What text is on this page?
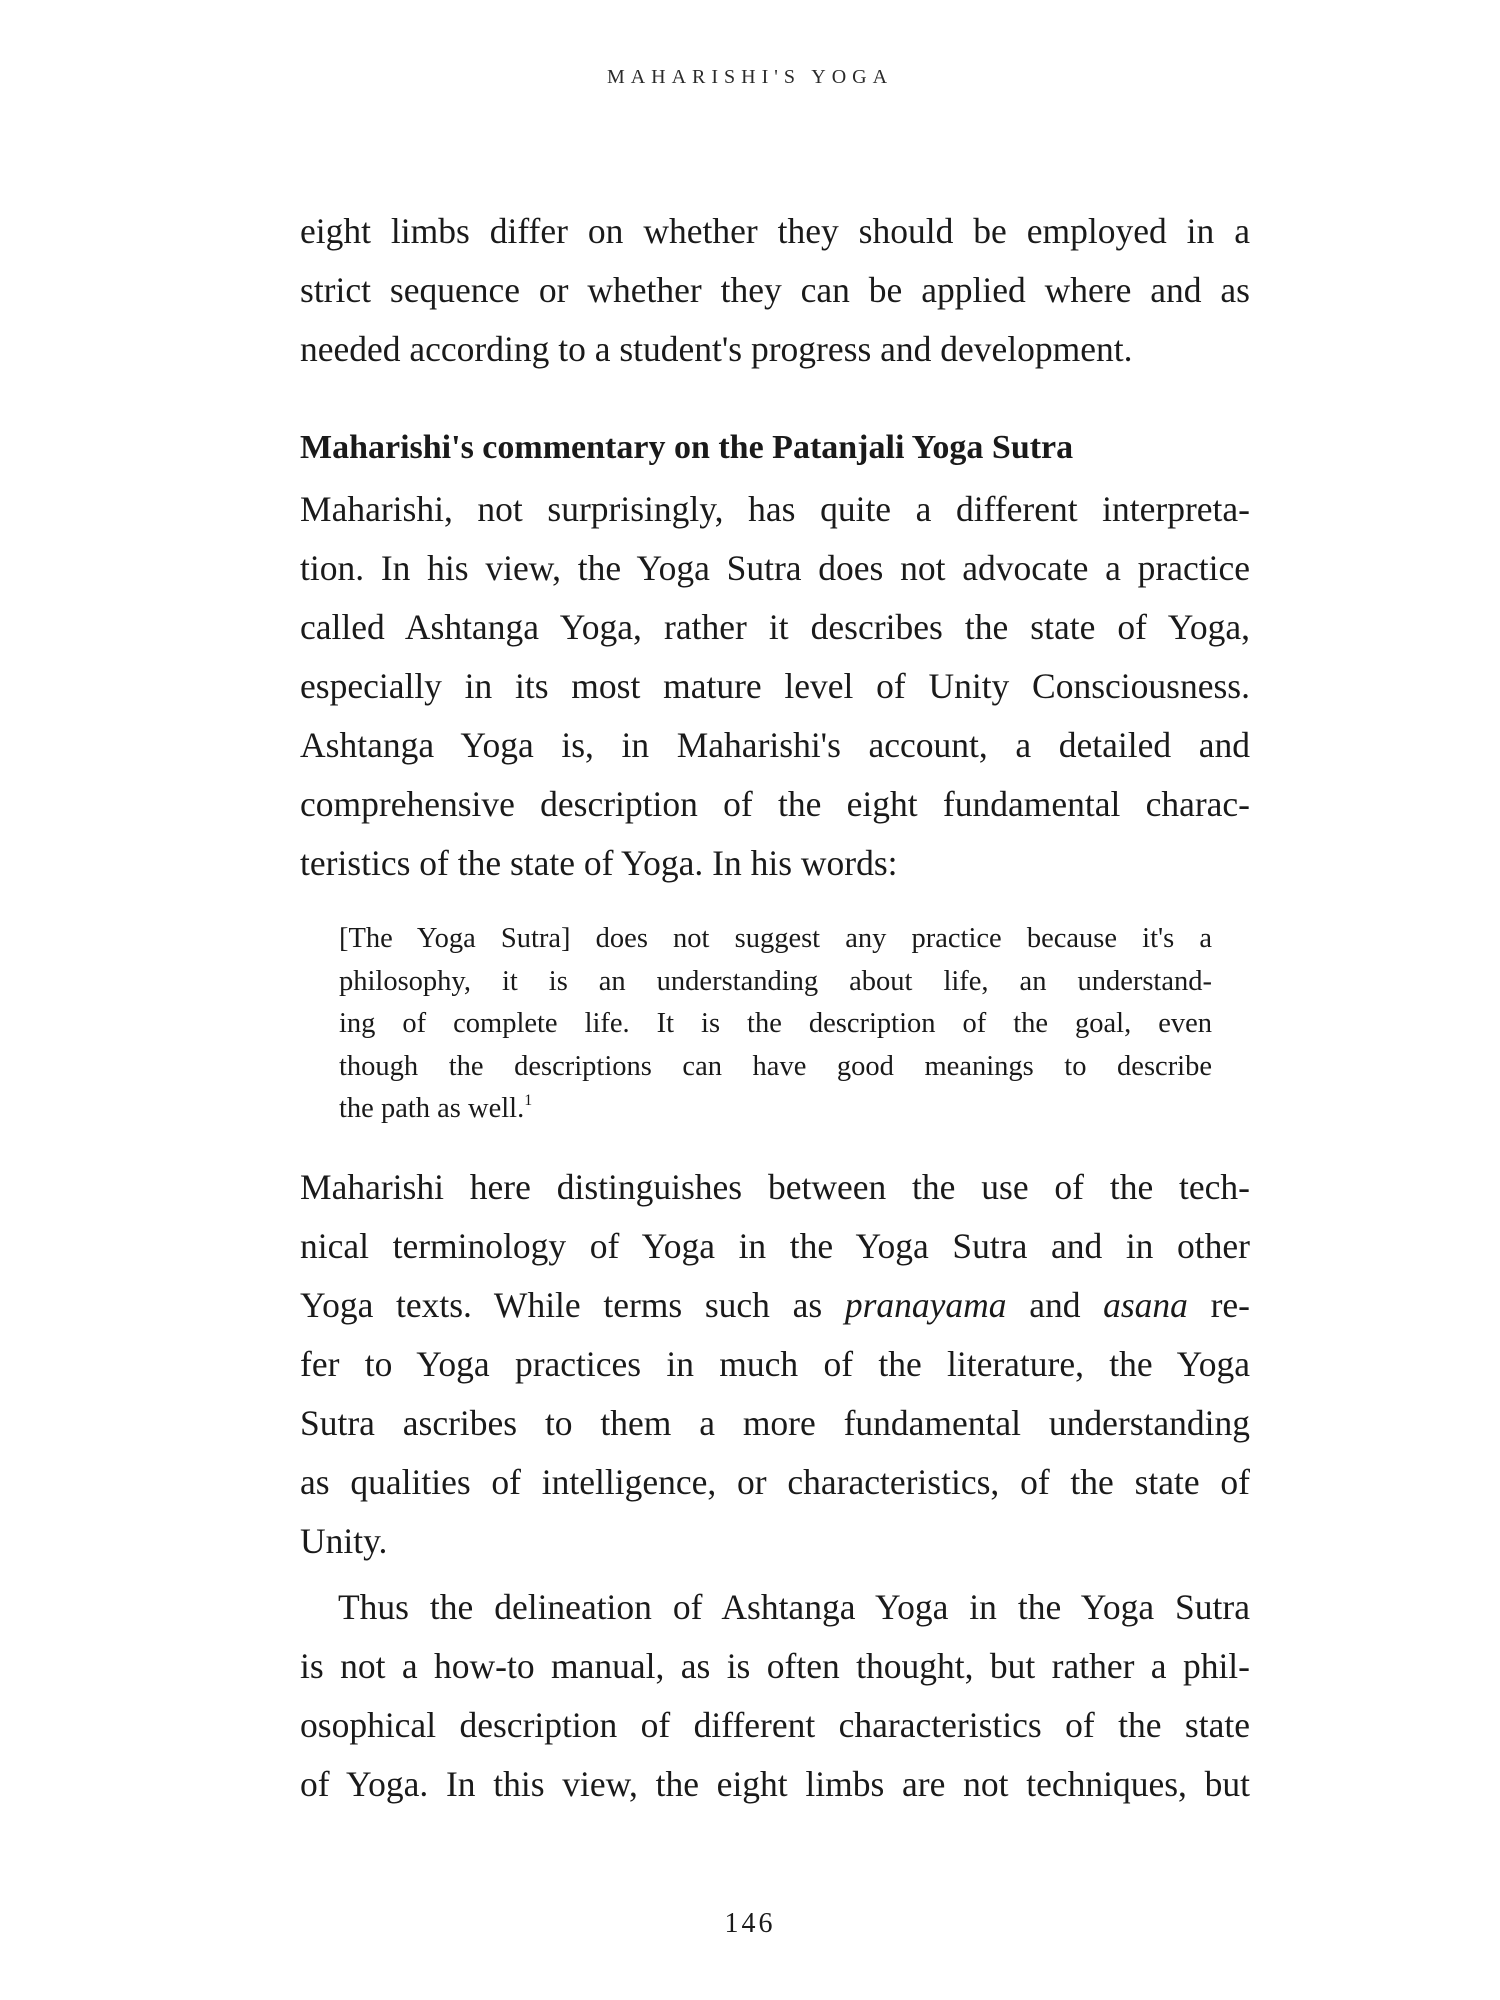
MAHARISHI'S YOGA

eight limbs differ on whether they should be employed in a
strict sequence or whether they can be applied where and as
needed according to a student's progress and development.

Maharishi's commentary on the Patanjali Yoga Sutra

Maharishi, not surprisingly, has quite a different interpreta-
tion. In his view, the Yoga Sutra does not advocate a practice
called Ashtanga Yoga, rather it describes the state of Yoga,
especially in its most mature level of Unity Consciousness.
Ashtanga Yoga is, in Maharishi's account, a detailed and
comprehensive description of the eight fundamental charac-
teristics of the state of Yoga. In his words:

[The Yoga Sutra] does not suggest any practice because it's a
philosophy, it is an understanding about life, an understand-
ing of complete life. It is the description of the goal, even
though the descriptions can have good meanings to describe
the path as well.$^1$

Maharishi here distinguishes between the use of the tech-
nical terminology of Yoga in the Yoga Sutra and in other
Yoga texts. While terms such as pranayama and asana re-
fer to Yoga practices in much of the literature, the Yoga
Sutra ascribes to them a more fundamental understanding
as qualities of intelligence, or characteristics, of the state of
Unity.

Thus the delineation of Ashtanga Yoga in the Yoga Sutra
is not a how-to manual, as is often thought, but rather a phil-
osophical description of different characteristics of the state
of Yoga. In this view, the eight limbs are not techniques, but

146
